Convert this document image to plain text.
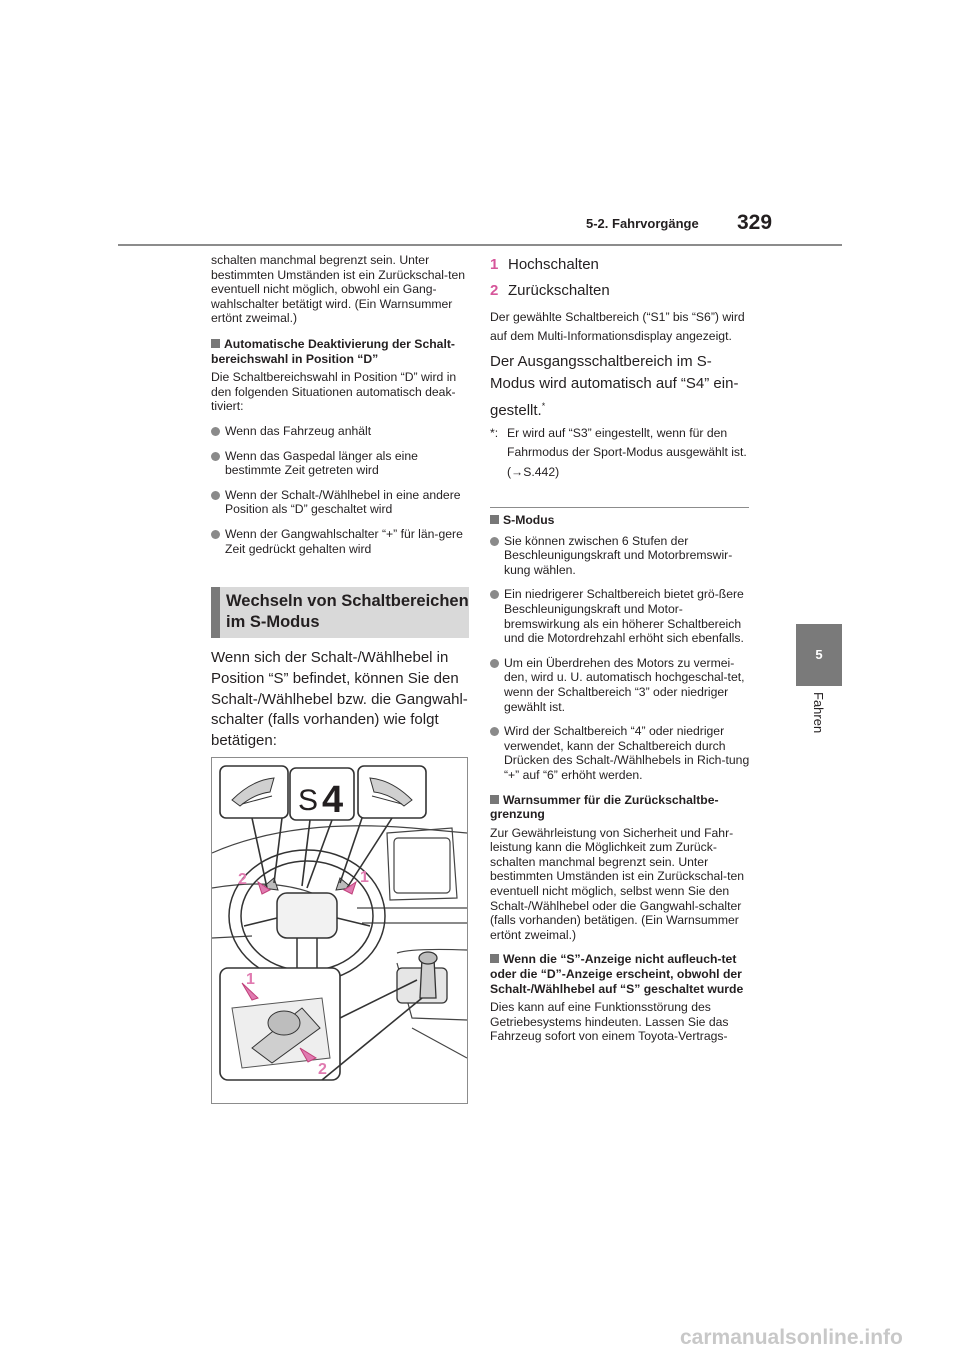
5-2. Fahrvorgänge 329
5
Fahren

schalten manchmal begrenzt sein. Unter bestimmten Umständen ist ein Zurückschal-ten eventuell nicht möglich, obwohl ein Gang-wahlschalter betätigt wird. (Ein Warnsummer ertönt zweimal.)

Automatische Deaktivierung der Schalt-bereichswahl in Position “D”

Die Schaltbereichswahl in Position “D” wird in den folgenden Situationen automatisch deak-tiviert:

Wenn das Fahrzeug anhält

Wenn das Gaspedal länger als eine bestimmte Zeit getreten wird

Wenn der Schalt-/Wählhebel in eine andere Position als “D” geschaltet wird

Wenn der Gangwahlschalter “+” für län-gere Zeit gedrückt gehalten wird

Wechseln von Schaltbereichen im S-Modus
Wenn sich der Schalt-/Wählhebel in Position “S” befindet, können Sie den Schalt-/Wählhebel bzw. die Gangwahl-schalter (falls vorhanden) wie folgt betätigen:
S 4
2	1
1
2

1 Hochschalten

2 Zurückschalten

Der gewählte Schaltbereich (“S1” bis “S6”) wird auf dem Multi-Informationsdisplay angezeigt.

Der Ausgangsschaltbereich im S-Modus wird automatisch auf “S4” ein-gestellt.*

*: Er wird auf “S3” eingestellt, wenn für den Fahrmodus der Sport-Modus ausgewählt ist. (→S.442)

S-Modus

Sie können zwischen 6 Stufen der Beschleunigungskraft und Motorbremswir-kung wählen.

Ein niedrigerer Schaltbereich bietet grö-ßere Beschleunigungskraft und Motor-bremswirkung als ein höherer Schaltbereich und die Motordrehzahl erhöht sich ebenfalls.

Um ein Überdrehen des Motors zu vermei-den, wird u. U. automatisch hochgeschal-tet, wenn der Schaltbereich “3” oder niedriger gewählt ist.

Wird der Schaltbereich “4” oder niedriger verwendet, kann der Schaltbereich durch Drücken des Schalt-/Wählhebels in Rich-tung “+” auf “6” erhöht werden.

Warnsummer für die Zurückschaltbe-grenzung

Zur Gewährleistung von Sicherheit und Fahr-leistung kann die Möglichkeit zum Zurück-schalten manchmal begrenzt sein. Unter bestimmten Umständen ist ein Zurückschal-ten eventuell nicht möglich, selbst wenn Sie den Schalt-/Wählhebel oder die Gangwahl-schalter (falls vorhanden) betätigen. (Ein Warnsummer ertönt zweimal.)

Wenn die “S”-Anzeige nicht aufleuch-tet oder die “D”-Anzeige erscheint, obwohl der Schalt-/Wählhebel auf “S” geschaltet wurde

Dies kann auf eine Funktionsstörung des Getriebesystems hindeuten. Lassen Sie das Fahrzeug sofort von einem Toyota-Vertrags-

carmanualsonline.info
